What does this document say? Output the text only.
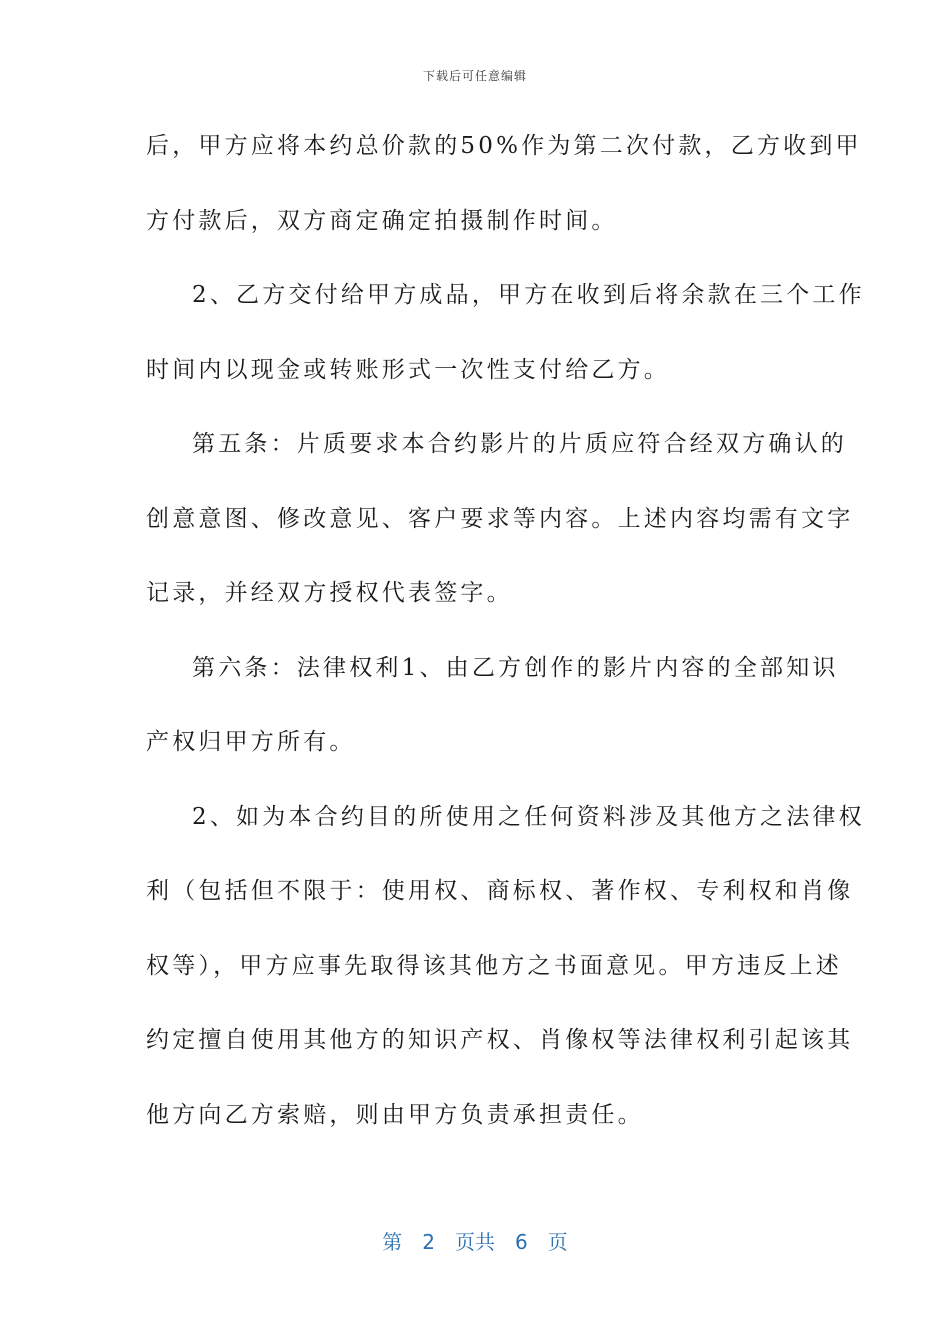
下载后可任意编辑
后，甲方应将本约总价款的50%作为第二次付款，乙方收到甲
方付款后，双方商定确定拍摄制作时间。
2、乙方交付给甲方成品，甲方在收到后将余款在三个工作
时间内以现金或转账形式一次性支付给乙方。
第五条：片质要求本合约影片的片质应符合经双方确认的
创意意图、修改意见、客户要求等内容。上述内容均需有文字
记录，并经双方授权代表签字。
第六条：法律权利1、由乙方创作的影片内容的全部知识
产权归甲方所有。
2、如为本合约目的所使用之任何资料涉及其他方之法律权
利（包括但不限于：使用权、商标权、著作权、专利权和肖像
权等），甲方应事先取得该其他方之书面意见。甲方违反上述
约定擅自使用其他方的知识产权、肖像权等法律权利引起该其
他方向乙方索赔，则由甲方负责承担责任。
第 2 页共 6 页
